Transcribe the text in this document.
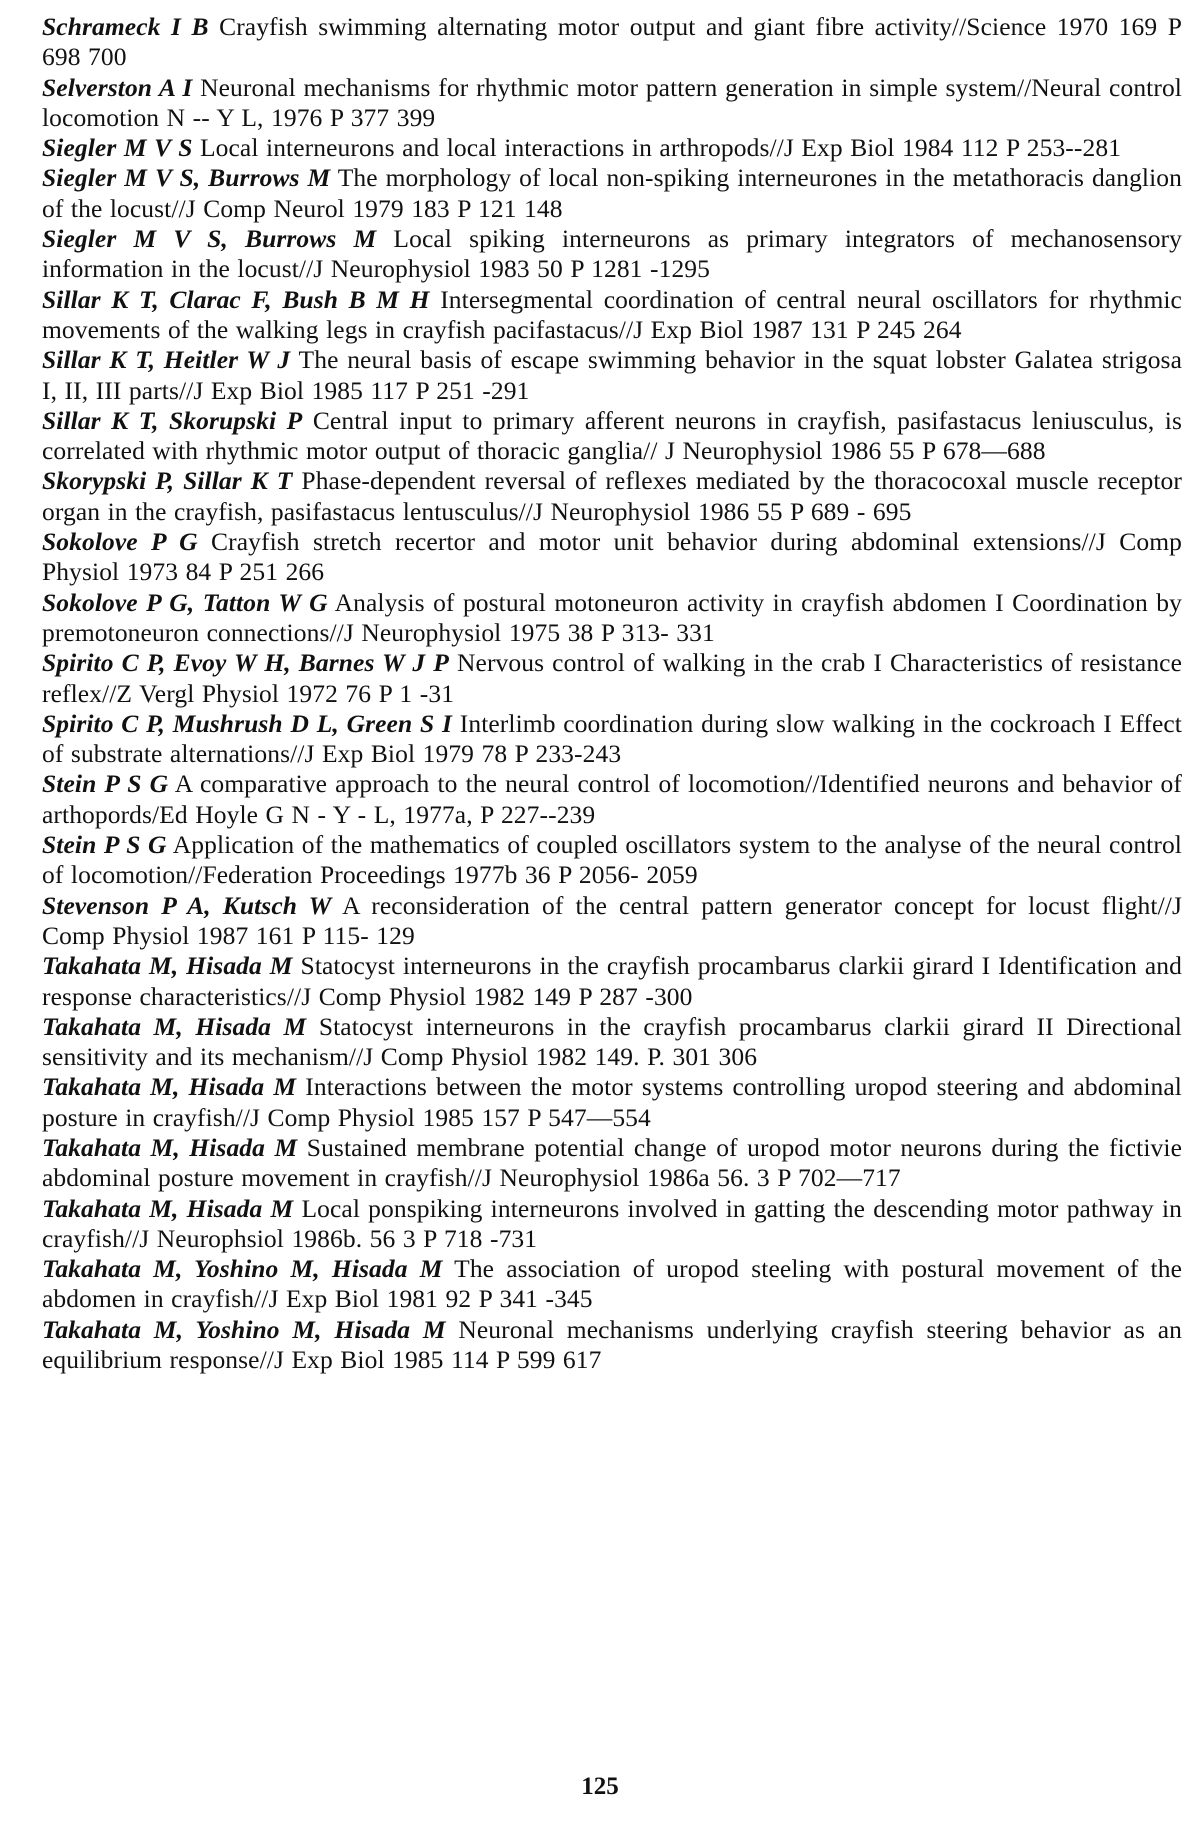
Schrameck I B Crayfish swimming alternating motor output and giant fibre activity//Science 1970 169 P 698 700
Selverston A I Neuronal mechanisms for rhythmic motor pattern generation in simple system//Neural control locomotion N -- Y L, 1976 P 377 399
Siegler M V S Local interneurons and local interactions in arthropods//J Exp Biol 1984 112 P 253--281
Siegler M V S, Burrows M The morphology of local non-spiking interneurones in the metathoracis danglion of the locust//J Comp Neurol 1979 183 P 121 148
Siegler M V S, Burrows M Local spiking interneurons as primary integrators of mechanosensory information in the locust//J Neurophysiol 1983 50 P 1281 -1295
Sillar K T, Clarac F, Bush B M H Intersegmental coordination of central neural oscillators for rhythmic movements of the walking legs in crayfish pacifastacus//J Exp Biol 1987 131 P 245 264
Sillar K T, Heitler W J The neural basis of escape swimming behavior in the squat lobster Galatea strigosa I, II, III parts//J Exp Biol 1985 117 P 251 -291
Sillar K T, Skorupski P Central input to primary afferent neurons in crayfish, pasifastacus leniusculus, is correlated with rhythmic motor output of thoracic ganglia// J Neurophysiol 1986 55 P 678—688
Skorypski P, Sillar K T Phase-dependent reversal of reflexes mediated by the thoracocoxal muscle receptor organ in the crayfish, pasifastacus lentusculus//J Neurophysiol 1986 55 P 689 - 695
Sokolove P G Crayfish stretch recertor and motor unit behavior during abdominal extensions//J Comp Physiol 1973 84 P 251 266
Sokolove P G, Tatton W G Analysis of postural motoneuron activity in crayfish abdomen I Coordination by premotoneuron connections//J Neurophysiol 1975 38 P 313- 331
Spirito C P, Evoy W H, Barnes W J P Nervous control of walking in the crab I Characteristics of resistance reflex//Z Vergl Physiol 1972 76 P 1 -31
Spirito C P, Mushrush D L, Green S I Interlimb coordination during slow walking in the cockroach I Effect of substrate alternations//J Exp Biol 1979 78 P 233-243
Stein P S G A comparative approach to the neural control of locomotion//Identified neurons and behavior of arthopords/Ed Hoyle G N - Y - L, 1977a, P 227--239
Stein P S G Application of the mathematics of coupled oscillators system to the analyse of the neural control of locomotion//Federation Proceedings 1977b 36 P 2056- 2059
Stevenson P A, Kutsch W A reconsideration of the central pattern generator concept for locust flight//J Comp Physiol 1987 161 P 115- 129
Takahata M, Hisada M Statocyst interneurons in the crayfish procambarus clarkii girard I Identification and response characteristics//J Comp Physiol 1982 149 P 287 -300
Takahata M, Hisada M Statocyst interneurons in the crayfish procambarus clarkii girard II Directional sensitivity and its mechanism//J Comp Physiol 1982 149. P. 301 306
Takahata M, Hisada M Interactions between the motor systems controlling uropod steering and abdominal posture in crayfish//J Comp Physiol 1985 157 P 547—554
Takahata M, Hisada M Sustained membrane potential change of uropod motor neurons during the fictivie abdominal posture movement in crayfish//J Neurophysiol 1986a 56. 3 P 702—717
Takahata M, Hisada M Local ponspiking interneurons involved in gatting the descending motor pathway in crayfish//J Neurophsiol 1986b. 56 3 P 718 -731
Takahata M, Yoshino M, Hisada M The association of uropod steeling with postural movement of the abdomen in crayfish//J Exp Biol 1981 92 P 341 -345
Takahata M, Yoshino M, Hisada M Neuronal mechanisms underlying crayfish steering behavior as an equilibrium response//J Exp Biol 1985 114 P 599 617
125
